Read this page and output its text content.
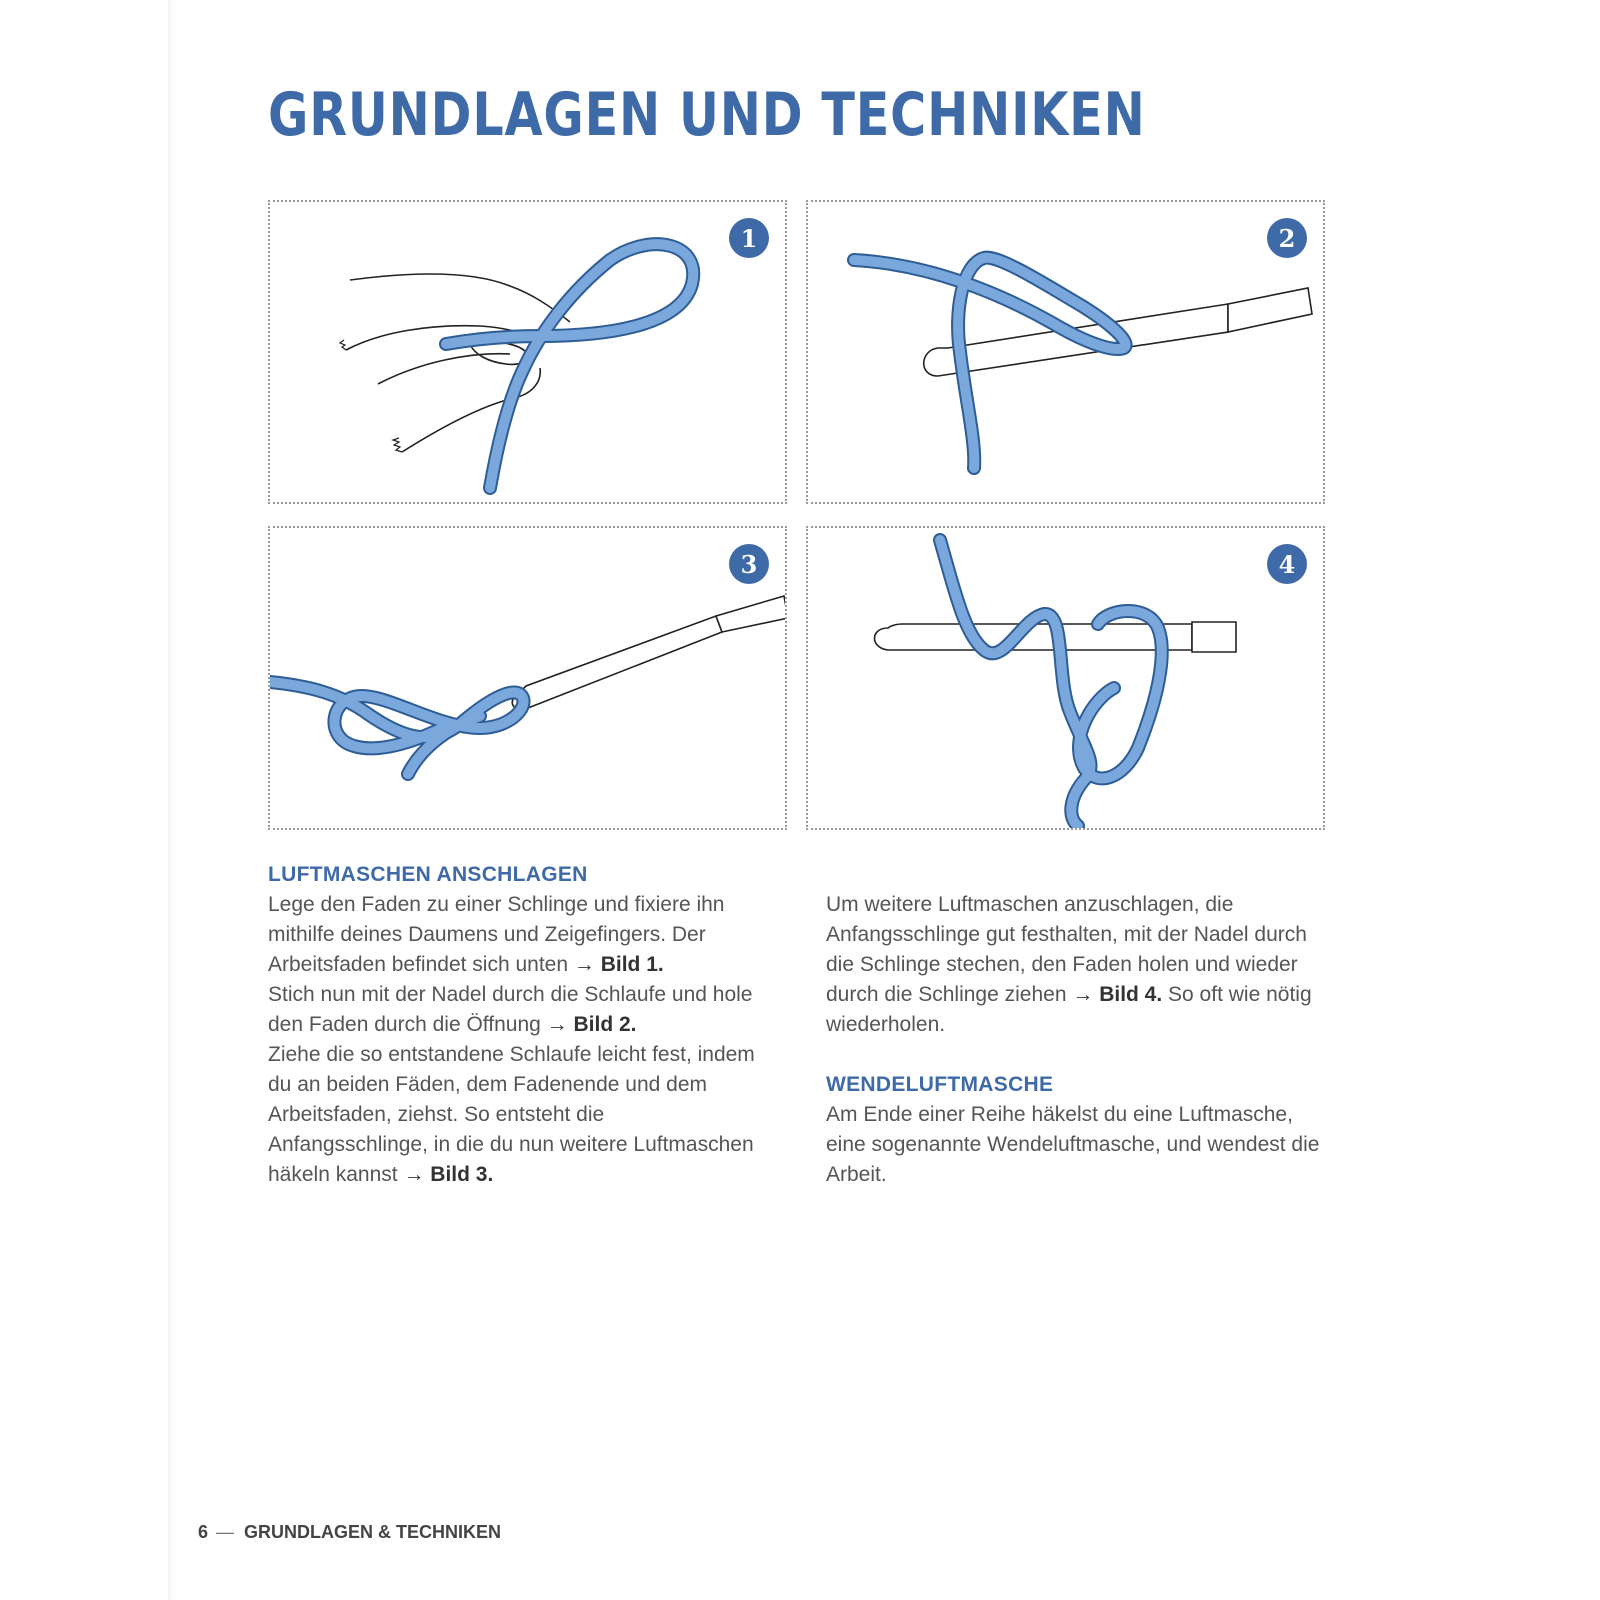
GRUNDLAGEN UND TECHNIKEN
1	2
3	4

LUFTMASCHEN ANSCHLAGEN

Lege den Faden zu einer Schlinge und fixiere ihn mithilfe deines Daumens und Zeigefingers. Der Arbeitsfaden befindet sich unten → Bild 1.

Stich nun mit der Nadel durch die Schlaufe und hole den Faden durch die Öffnung → Bild 2.

Ziehe die so entstandene Schlaufe leicht fest, indem du an beiden Fäden, dem Fadenende und dem Arbeitsfaden, ziehst. So entsteht die Anfangsschlinge, in die du nun weitere Luftmaschen häkeln kannst → Bild 3.

Um weitere Luftmaschen anzuschlagen, die Anfangsschlinge gut festhalten, mit der Nadel durch die Schlinge stechen, den Faden holen und wieder durch die Schlinge ziehen → Bild 4. So oft wie nötig wiederholen.

WENDELUFTMASCHE

Am Ende einer Reihe häkelst du eine Luftmasche, eine sogenannte Wendeluftmasche, und wendest die Arbeit.

6 — GRUNDLAGEN & TECHNIKEN
